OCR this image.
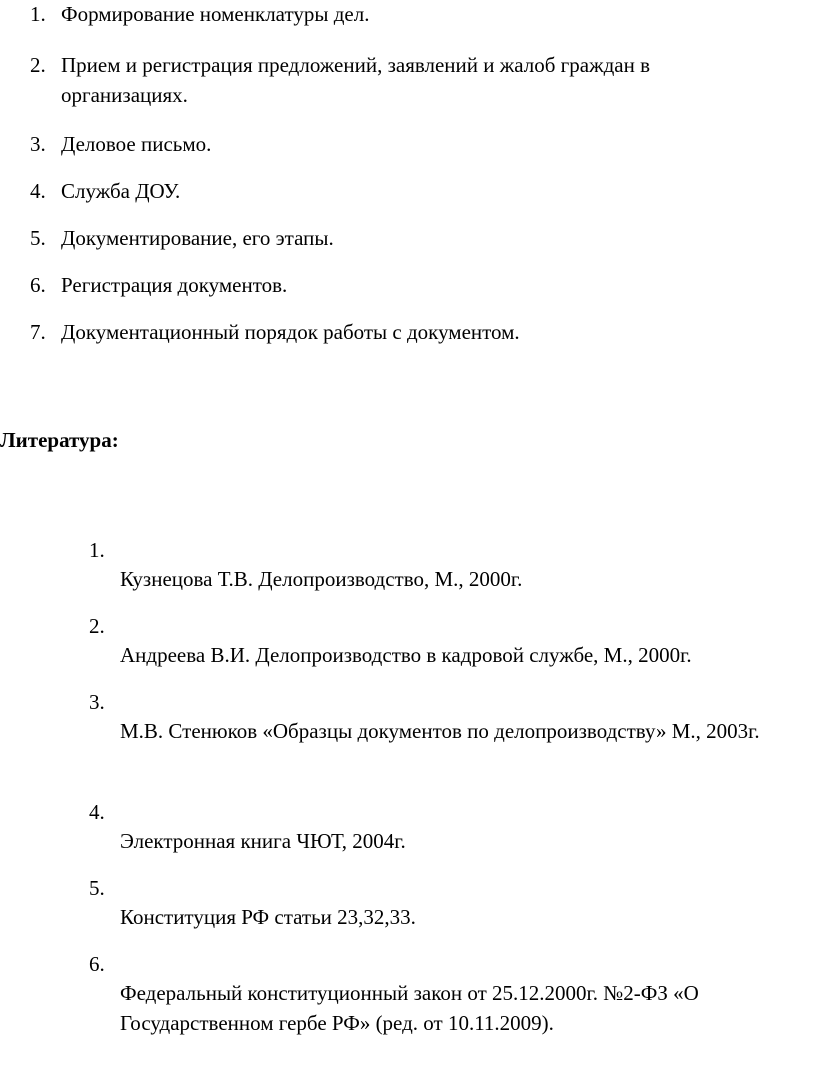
1. Формирование номенклатуры дел.
2. Прием и регистрация предложений, заявлений и жалоб граждан в организациях.
3. Деловое письмо.
4. Служба ДОУ.
5. Документирование, его этапы.
6. Регистрация документов.
7. Документационный порядок работы с документом.
Литература:
1.
Кузнецова Т.В. Делопроизводство, М., 2000г.
2.
Андреева В.И. Делопроизводство в кадровой службе, М., 2000г.
3.
М.В. Стенюков «Образцы документов по делопроизводству» М., 2003г.
4.
Электронная книга ЧЮТ, 2004г.
5.
Конституция РФ статьи 23,32,33.
6.
Федеральный конституционный закон от 25.12.2000г. №2-ФЗ «О Государственном гербе РФ» (ред. от 10.11.2009).
